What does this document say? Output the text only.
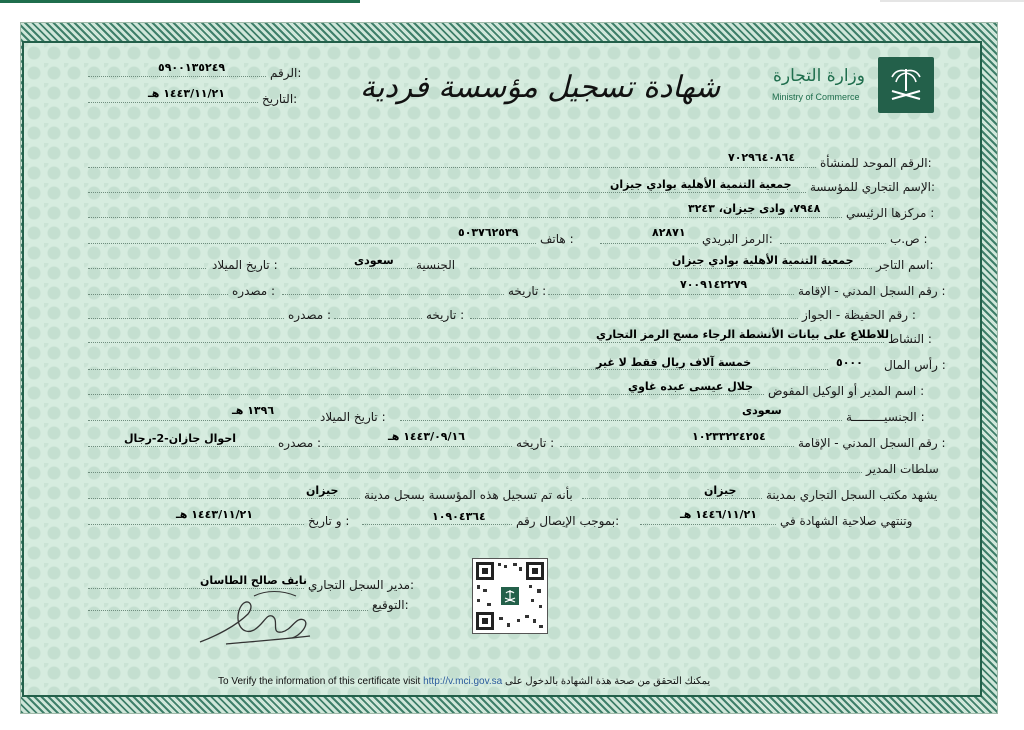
وزارة التجارة
Ministry of Commerce
شهادة تسجيل مؤسسة فردية
الرقم:
٥٩٠٠١٣٥٢٤٩
التاريخ:
١٤٤٣/١١/٢١ هـ
الرقم الموحد للمنشأة:
٧٠٢٩٦٤٠٨٦٤
الإسم التجاري للمؤسسة:
جمعية التنمية الأهلية بوادي جيزان
مركزها الرئيسي :
٧٩٤٨، وادى جيزان، ٣٢٤٣
ص.ب :
الرمز البريدي:
٨٢٨٧١
هاتف :
٥٠٣٧٦٢٥٣٩
اسم التاجر:
جمعية التنمية الأهلية بوادي جيزان
الجنسية
سعودى
تاريخ الميلاد :
رقم السجل المدني - الإقامة :
٧٠٠٩١٤٢٢٧٩
تاريخه :
مصدره :
رقم الحفيظة - الجواز :
تاريخه :
مصدره :
النشاط :
للاطلاع على بيانات الأنشطة الرجاء مسح الرمز التجاري
رأس المال :
٥٠٠٠
خمسة آلاف ريال فقط لا غير
اسم المدير أو الوكيل المفوض :
جلال عيسى عبده غاوي
الجنسيـــــــــة :
سعودى
تاريخ الميلاد :
١٣٩٦ هـ
رقم السجل المدني - الإقامة :
١٠٢٣٣٢٢٤٢٥٤
تاريخه :
١٤٤٣/٠٩/١٦ هـ
مصدره :
احوال جازان-2-رجال
سلطات المدير
يشهد مكتب السجل التجاري بمدينة
جيزان
بأنه تم تسجيل هذه المؤسسة بسجل مدينة
جيزان
وتنتهي صلاحية الشهادة في
١٤٤٦/١١/٢١ هـ
بموجب الإيصال رقم:
١٠٩٠٤٣٦٤
و تاريخ :
١٤٤٣/١١/٢١ هـ
مدير السجل التجاري:
نايف صالح الطاسان
التوقيع:
To Verify the information of this certificate visit http://v.mci.gov.sa يمكنك التحقق من صحة هذة الشهادة بالدخول على
